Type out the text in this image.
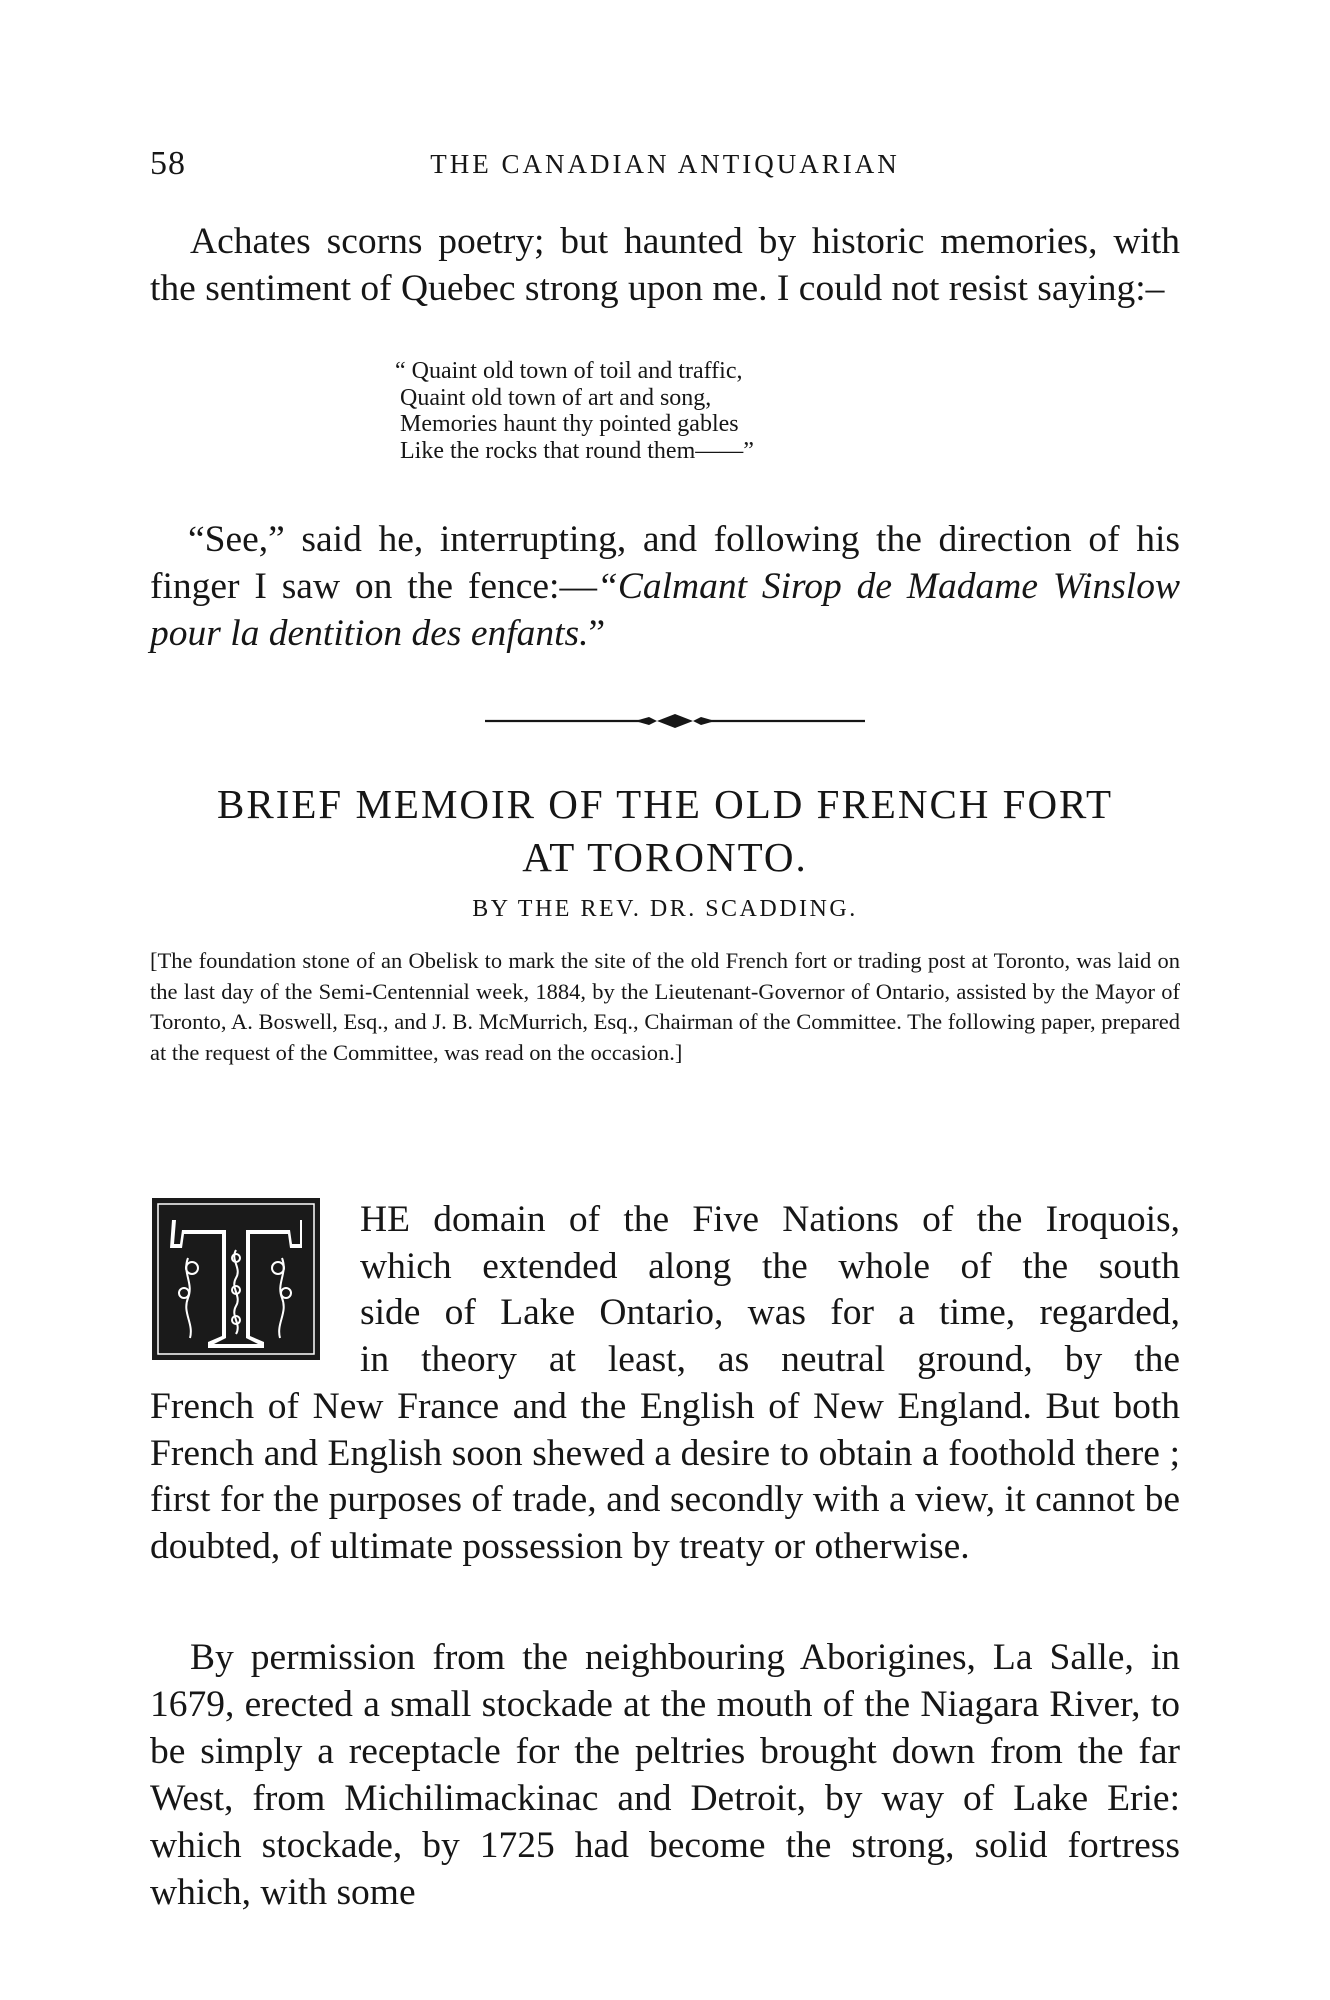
58	THE CANADIAN ANTIQUARIAN

Achates scorns poetry; but haunted by historic memories, with the sentiment of Quebec strong upon me. I could not resist saying:–

“ Quaint old town of toil and traffic,
Quaint old town of art and song,
Memories haunt thy pointed gables
Like the rocks that round them——”

“See,” said he, interrupting, and following the direction of his finger I saw on the fence:—“Calmant Sirop de Madame Winslow pour la dentition des enfants.”

BRIEF MEMOIR OF THE OLD FRENCH FORT
AT TORONTO.
BY THE REV. DR. SCADDING.

[The foundation stone of an Obelisk to mark the site of the old French fort or trading post at Toronto, was laid on the last day of the Semi-Centennial week, 1884, by the Lieutenant-Governor of Ontario, assisted by the Mayor of Toronto, A. Boswell, Esq., and J. B. McMurrich, Esq., Chairman of the Committee. The following paper, prepared at the request of the Committee, was read on the occasion.]

HE domain of the Five Nations of the Iroquois,
which extended along the whole of the south
side of Lake Ontario, was for a time, regarded,
in theory at least, as neutral ground, by the
French of New France and the English of New England. But both French and English soon shewed a desire to obtain a foothold there ; first for the purposes of trade, and secondly with a view, it cannot be doubted, of ultimate possession by treaty or otherwise.

By permission from the neighbouring Aborigines, La Salle, in 1679, erected a small stockade at the mouth of the Niagara River, to be simply a receptacle for the peltries brought down from the far West, from Michilimackinac and Detroit, by way of Lake Erie: which stockade, by 1725 had become the strong, solid fortress which, with some
